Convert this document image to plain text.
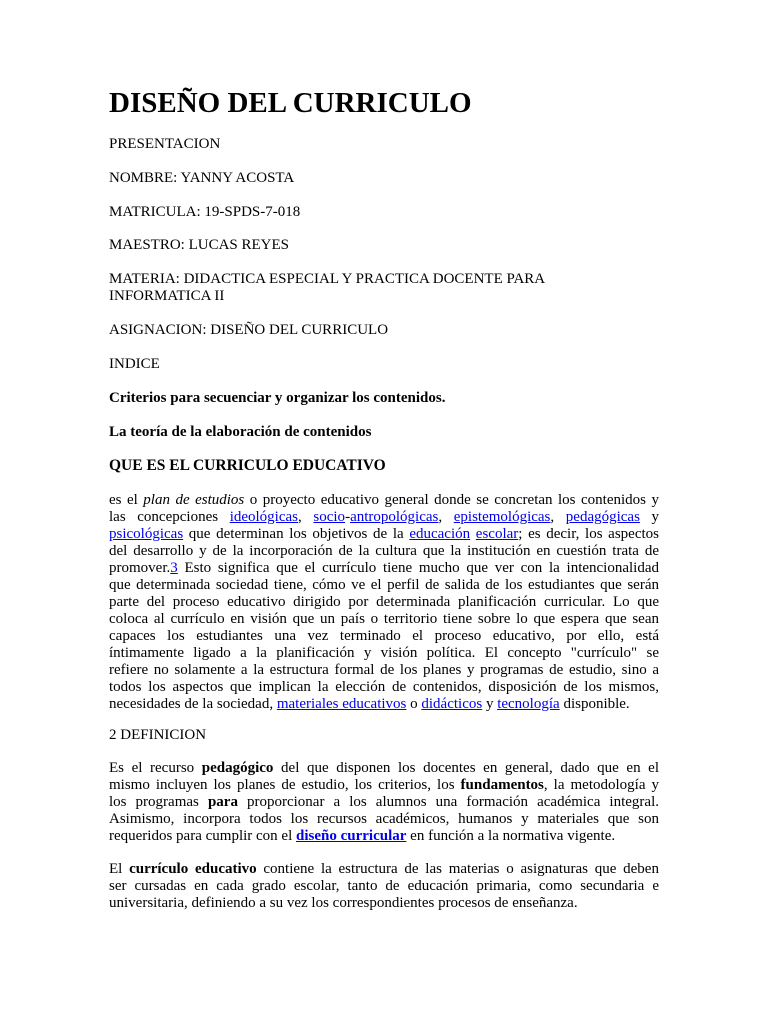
DISEÑO DEL CURRICULO
PRESENTACION
NOMBRE: YANNY ACOSTA
MATRICULA: 19-SPDS-7-018
MAESTRO: LUCAS REYES
MATERIA: DIDACTICA ESPECIAL Y PRACTICA DOCENTE PARA
INFORMATICA II
ASIGNACION: DISEÑO DEL CURRICULO
INDICE
Criterios para secuenciar y organizar los contenidos.
La teoría de la elaboración de contenidos
QUE ES EL CURRICULO EDUCATIVO
es el plan de estudios o proyecto educativo general donde se concretan los contenidos y
las concepciones ideológicas, socio-antropológicas, epistemológicas, pedagógicas y
psicológicas que determinan los objetivos de la educación escolar; es decir, los aspectos
del desarrollo y de la incorporación de la cultura que la institución en cuestión trata de
promover.3 Esto significa que el currículo tiene mucho que ver con la intencionalidad
que determinada sociedad tiene, cómo ve el perfil de salida de los estudiantes que serán
parte del proceso educativo dirigido por determinada planificación curricular. Lo que
coloca al currículo en visión que un país o territorio tiene sobre lo que espera que sean
capaces los estudiantes una vez terminado el proceso educativo, por ello, está
íntimamente ligado a la planificación y visión política. El concepto "currículo" se
refiere no solamente a la estructura formal de los planes y programas de estudio, sino a
todos los aspectos que implican la elección de contenidos, disposición de los mismos,
necesidades de la sociedad, materiales educativos o didácticos y tecnología disponible.
2 DEFINICION
Es el recurso pedagógico del que disponen los docentes en general, dado que en el
mismo incluyen los planes de estudio, los criterios, los fundamentos, la metodología y
los programas para proporcionar a los alumnos una formación académica integral.
Asimismo, incorpora todos los recursos académicos, humanos y materiales que son
requeridos para cumplir con el diseño curricular en función a la normativa vigente.
El currículo educativo contiene la estructura de las materias o asignaturas que deben
ser cursadas en cada grado escolar, tanto de educación primaria, como secundaria e
universitaria, definiendo a su vez los correspondientes procesos de enseñanza.
